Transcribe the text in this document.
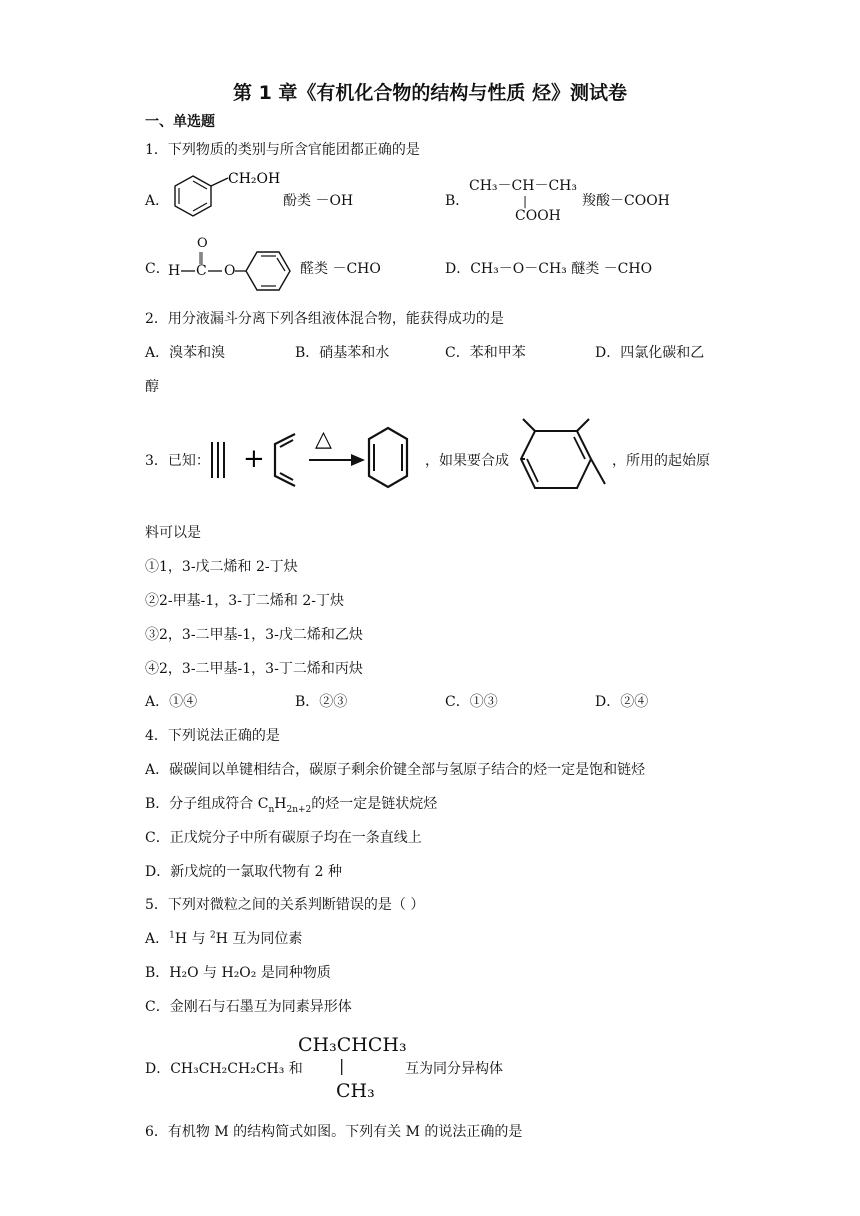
第 1 章《有机化合物的结构与性质 烃》测试卷
一、单选题
1．下列物质的类别与所含官能团都正确的是
A．
CH₂OH
酚类 －OH	B．
CH₃－CH－CH₃
|
COOH
羧酸－COOH
C．
O
‖
H C O	醛类 －CHO	D．CH₃－O－CH₃ 醚类 －CHO
2．用分液漏斗分离下列各组液体混合物，能获得成功的是
A．溴苯和溴	B．硝基苯和水	C．苯和甲苯	D．四氯化碳和乙
醇
3．已知： +
△
，如果要合成	，所用的起始原
料可以是
①1，3-戊二烯和 2-丁炔
②2-甲基-1，3-丁二烯和 2-丁炔
③2，3-二甲基-1，3-戊二烯和乙炔
④2，3-二甲基-1，3-丁二烯和丙炔
A．①④	B．②③	C．①③	D．②④
4．下列说法正确的是
A．碳碳间以单键相结合，碳原子剩余价键全部与氢原子结合的烃一定是饱和链烃
B．分子组成符合 $C_nH_{2n+2}$的烃一定是链状烷烃
C．正戊烷分子中所有碳原子均在一条直线上
D．新戊烷的一氯取代物有 2 种
5．下列对微粒之间的关系判断错误的是（ ）
A．$^1$H 与 $^2$H 互为同位素
B．H₂O 与 H₂O₂ 是同种物质
C．金刚石与石墨互为同素异形体
D．CH₃CH₂CH₂CH₃ 和
CH₃CHCH₃
|
CH₃
互为同分异构体
6．有机物 M 的结构简式如图。下列有关 M 的说法正确的是
